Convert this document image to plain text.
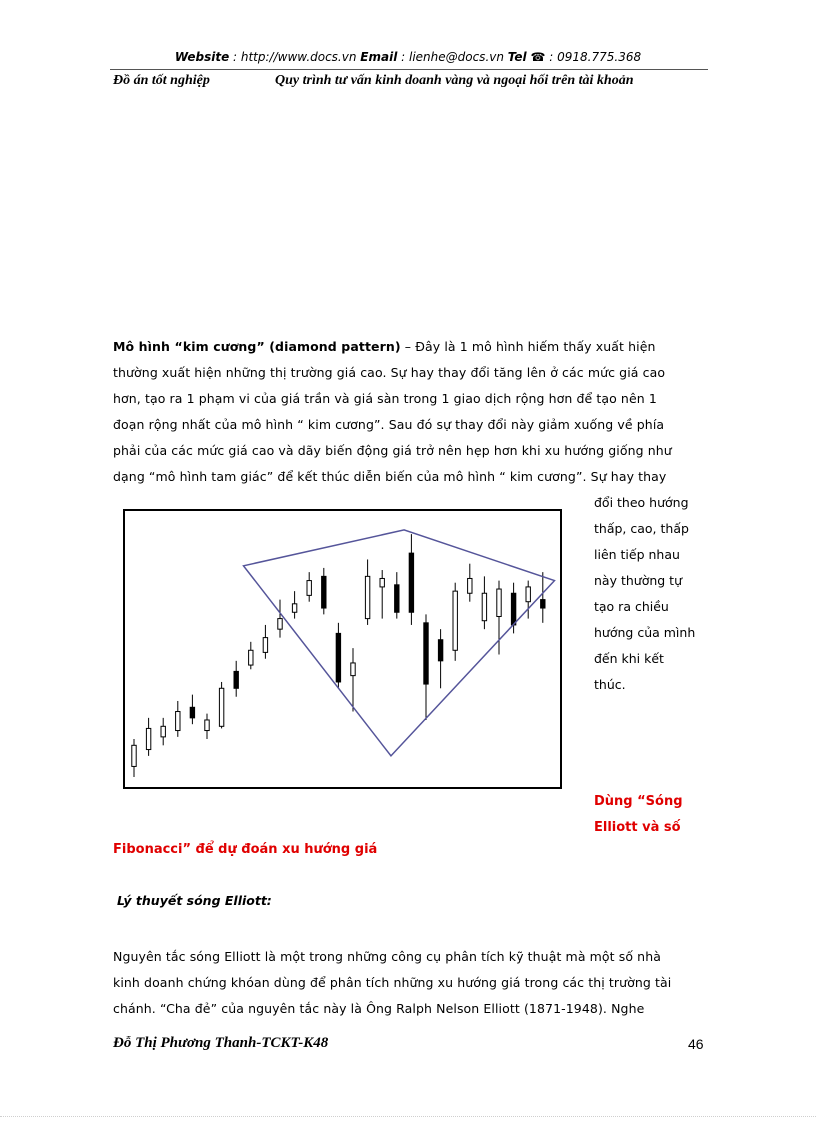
Website : http://www.docs.vn Email : lienhe@docs.vn Tel ☎ : 0918.775.368
Đồ án tốt nghiệp	Quy trình tư vấn kinh doanh vàng và ngoại hối trên tài khoản
Mô hình “kim cương” (diamond pattern) – Đây là 1 mô hình hiếm thấy xuất hiện
thường xuất hiện những thị trường giá cao. Sự hay thay đổi tăng lên ở các mức giá cao
hơn, tạo ra 1 phạm vi của giá trần và giá sàn trong 1 giao dịch rộng hơn để tạo nên 1
đoạn rộng nhất của mô hình “ kim cương”. Sau đó sự thay đổi này giảm xuống về phía
phải của các mức giá cao và dãy biến động giá trở nên hẹp hơn khi xu hướng giống như
dạng “mô hình tam giác” để kết thúc diễn biến của mô hình “ kim cương”. Sự hay thay
đổi theo hướng
thấp, cao, thấp
liên tiếp nhau
này thường tự
tạo ra chiều
hướng của mình
đến khi kết
thúc.
Dùng “Sóng
Elliott và số
Fibonacci” để dự đoán xu hướng giá
Lý thuyết sóng Elliott:
Nguyên tắc sóng Elliott là một trong những công cụ phân tích kỹ thuật mà một số nhà
kinh doanh chứng khóan dùng để phân tích những xu hướng giá trong các thị trường tài
chánh. “Cha đẻ” của nguyên tắc này là Ông Ralph Nelson Elliott (1871-1948). Nghe
Đỗ Thị Phương Thanh-TCKT-K48	46
